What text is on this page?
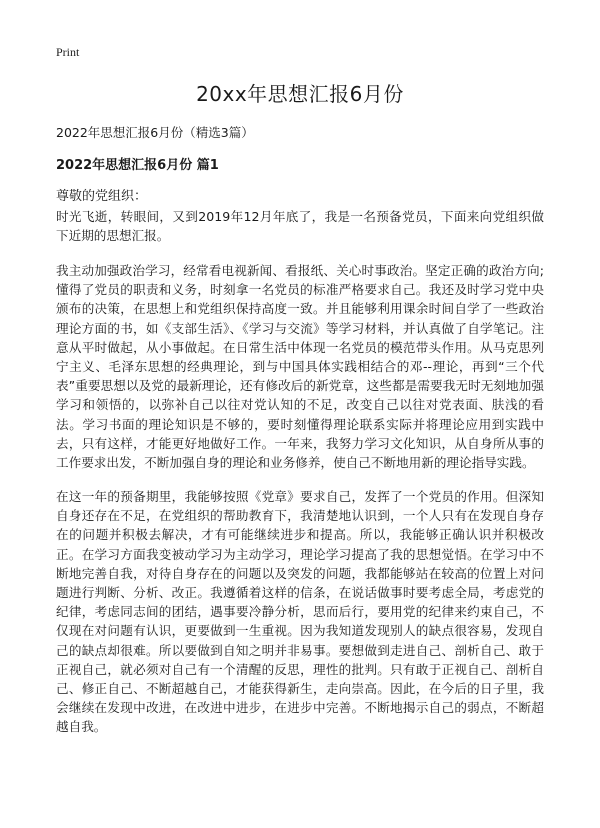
Print
20xx年思想汇报6月份

2022年思想汇报6月份（精选3篇）

2022年思想汇报6月份 篇1

尊敬的党组织：

时光飞逝，转眼间，又到2019年12月年底了，我是一名预备党员，下面来向党组织做下近期的思想汇报。

我主动加强政治学习，经常看电视新闻、看报纸、关心时事政治。坚定正确的政治方向;懂得了党员的职责和义务，时刻拿一名党员的标准严格要求自己。我还及时学习党中央颁布的决策，在思想上和党组织保持高度一致。并且能够利用课余时间自学了一些政治理论方面的书，如《支部生活》、《学习与交流》等学习材料，并认真做了自学笔记。注意从平时做起，从小事做起。在日常生活中体现一名党员的模范带头作用。从马克思列宁主义、毛泽东思想的经典理论，到与中国具体实践相结合的邓--理论，再到“三个代表”重要思想以及党的最新理论，还有修改后的新党章，这些都是需要我无时无刻地加强学习和领悟的，以弥补自己以往对党认知的不足，改变自己以往对党表面、肤浅的看法。学习书面的理论知识是不够的，要时刻懂得理论联系实际并将理论应用到实践中去，只有这样，才能更好地做好工作。一年来，我努力学习文化知识，从自身所从事的工作要求出发，不断加强自身的理论和业务修养，使自己不断地用新的理论指导实践。

在这一年的预备期里，我能够按照《党章》要求自己，发挥了一个党员的作用。但深知自身还存在不足，在党组织的帮助教育下，我清楚地认识到，一个人只有在发现自身存在的问题并积极去解决，才有可能继续进步和提高。所以，我能够正确认识并积极改正。在学习方面我变被动学习为主动学习，理论学习提高了我的思想觉悟。在学习中不断地完善自我，对待自身存在的问题以及突发的问题，我都能够站在较高的位置上对问题进行判断、分析、改正。我遵循着这样的信条，在说话做事时要考虑全局，考虑党的纪律，考虑同志间的团结，遇事要冷静分析，思而后行，要用党的纪律来约束自己，不仅现在对问题有认识，更要做到一生重视。因为我知道发现别人的缺点很容易，发现自己的缺点却很难。所以要做到自知之明并非易事。要想做到走进自己、剖析自己、敢于正视自己，就必须对自己有一个清醒的反思，理性的批判。只有敢于正视自己、剖析自己、修正自己、不断超越自己，才能获得新生，走向崇高。因此，在今后的日子里，我会继续在发现中改进，在改进中进步，在进步中完善。不断地揭示自己的弱点，不断超越自我。
